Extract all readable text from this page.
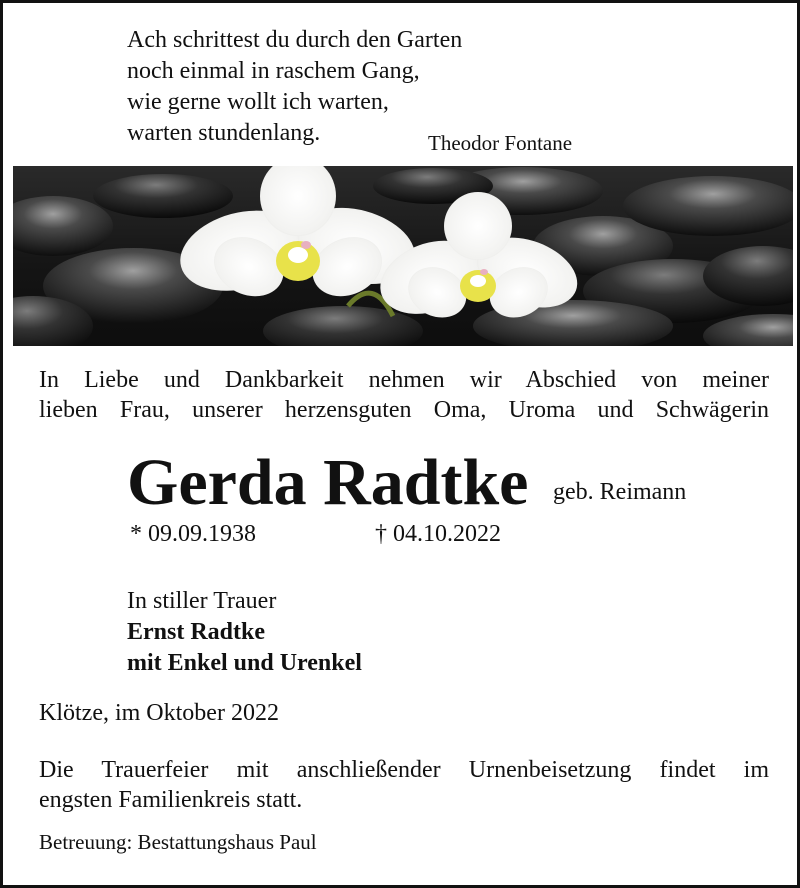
Ach schrittest du durch den Garten
noch einmal in raschem Gang,
wie gerne wollt ich warten,
warten stundenlang.	Theodor Fontane
In Liebe und Dankbarkeit nehmen wir Abschied von meiner
lieben Frau, unserer herzensguten Oma, Uroma und Schwägerin
Gerda Radtke geb. Reimann
* 09.09.1938	† 04.10.2022
In stiller Trauer
Ernst Radtke
mit Enkel und Urenkel
Klötze, im Oktober 2022
Die Trauerfeier mit anschließender Urnenbeisetzung findet im
engsten Familienkreis statt.
Betreuung: Bestattungshaus Paul
